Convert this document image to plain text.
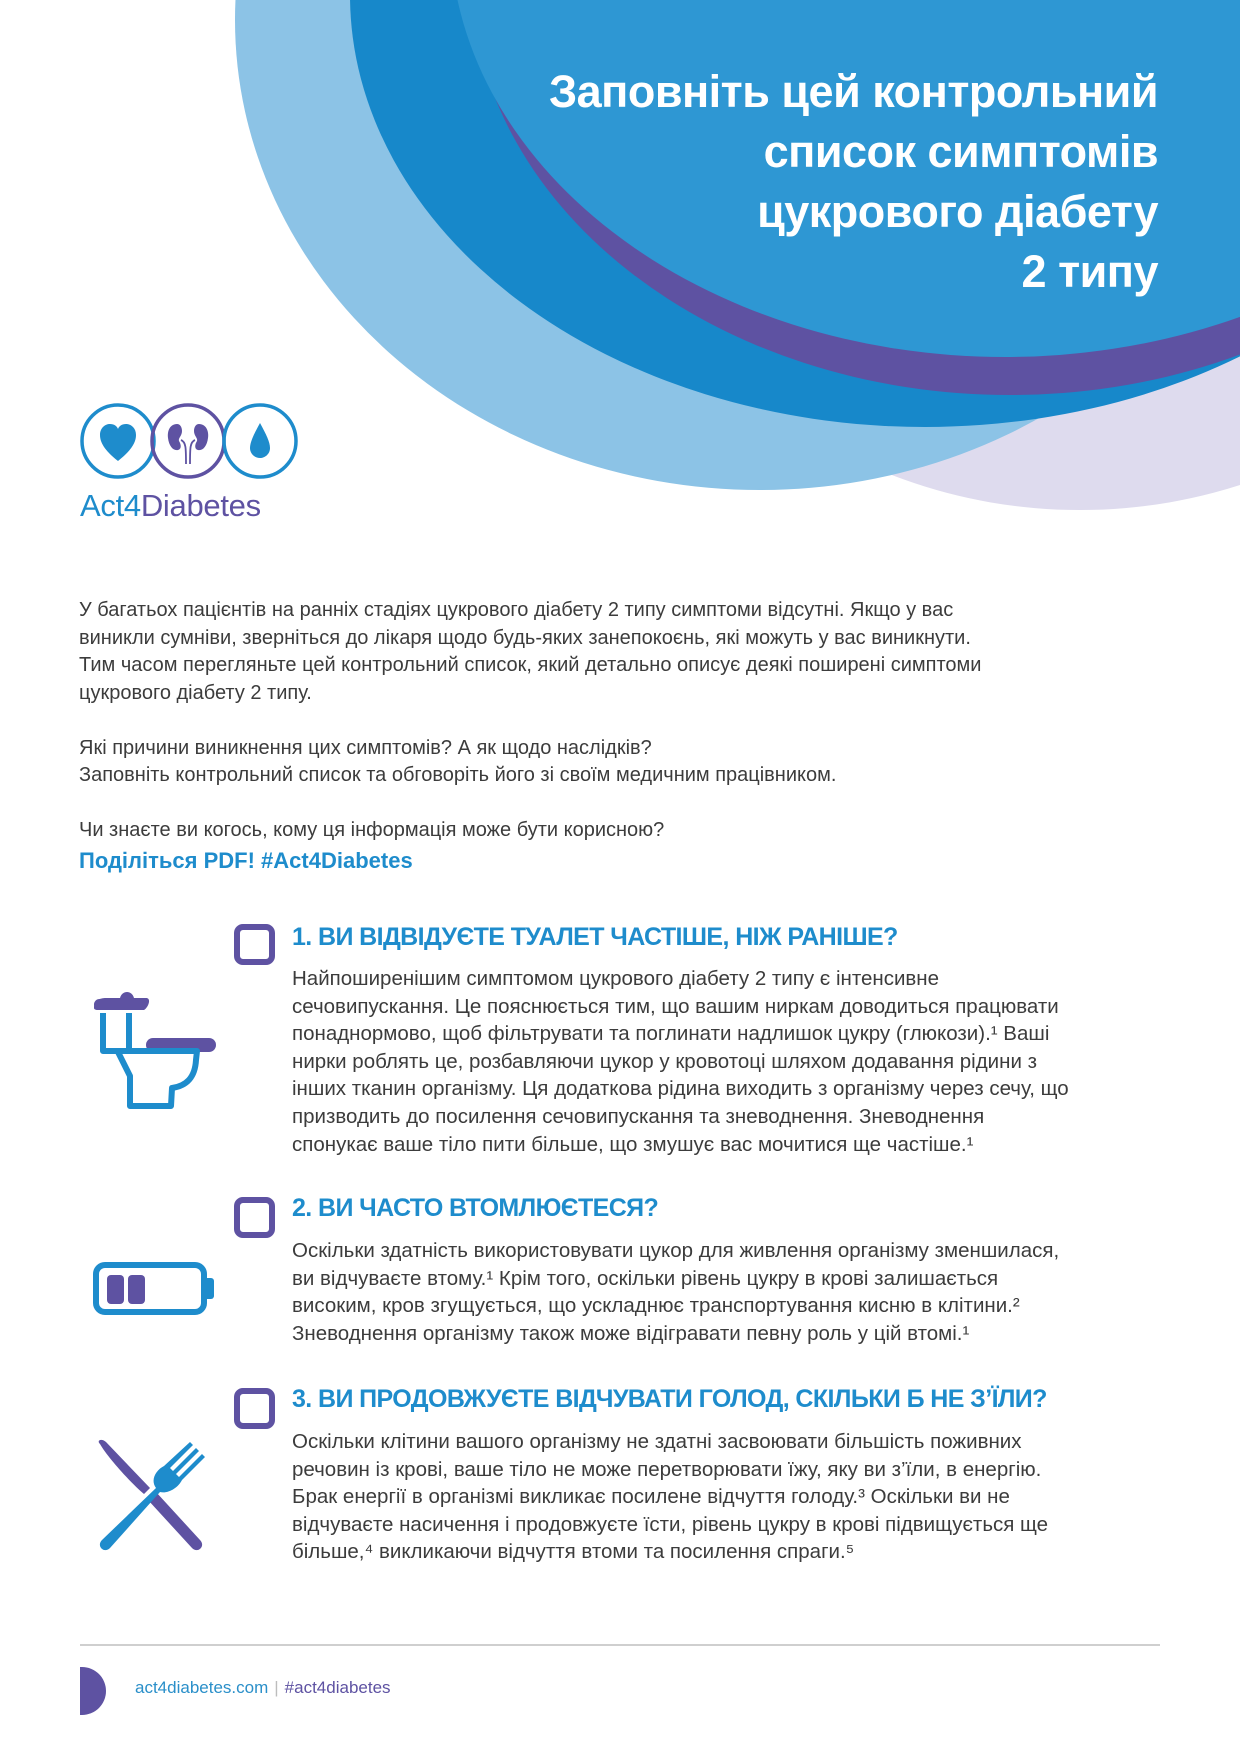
Заповніть цей контрольний
список симптомів
цукрового діабету
2 типу
Act4Diabetes
У багатьох пацієнтів на ранніх стадіях цукрового діабету 2 типу симптоми відсутні. Якщо у вас
виникли сумніви, зверніться до лікаря щодо будь-яких занепокоєнь, які можуть у вас виникнути.
Тим часом перегляньте цей контрольний список, який детально описує деякі поширені симптоми
цукрового діабету 2 типу.
Які причини виникнення цих симптомів? А як щодо наслідків?
Заповніть контрольний список та обговоріть його зі своїм медичним працівником.
Чи знаєте ви когось, кому ця інформація може бути корисною?
Поділіться PDF! #Act4Diabetes
1. ВИ ВІДВІДУЄТЕ ТУАЛЕТ ЧАСТІШЕ, НІЖ РАНІШЕ?
Найпоширенішим симптомом цукрового діабету 2 типу є інтенсивне
сечовипускання. Це пояснюється тим, що вашим ниркам доводиться працювати
понаднормово, щоб фільтрувати та поглинати надлишок цукру (глюкози).¹ Ваші
нирки роблять це, розбавляючи цукор у кровотоці шляхом додавання рідини з
інших тканин організму. Ця додаткова рідина виходить з організму через сечу, що
призводить до посилення сечовипускання та зневоднення. Зневоднення
спонукає ваше тіло пити більше, що змушує вас мочитися ще частіше.¹
2. ВИ ЧАСТО ВТОМЛЮЄТЕСЯ?
Оскільки здатність використовувати цукор для живлення організму зменшилася,
ви відчуваєте втому.¹ Крім того, оскільки рівень цукру в крові залишається
високим, кров згущується, що ускладнює транспортування кисню в клітини.²
Зневоднення організму також може відігравати певну роль у цій втомі.¹
3. ВИ ПРОДОВЖУЄТЕ ВІДЧУВАТИ ГОЛОД, СКІЛЬКИ Б НЕ З’ЇЛИ?
Оскільки клітини вашого організму не здатні засвоювати більшість поживних
речовин із крові, ваше тіло не може перетворювати їжу, яку ви з’їли, в енергію.
Брак енергії в організмі викликає посилене відчуття голоду.³ Оскільки ви не
відчуваєте насичення і продовжуєте їсти, рівень цукру в крові підвищується ще
більше,⁴ викликаючи відчуття втоми та посилення спраги.⁵
act4diabetes.com | #act4diabetes
